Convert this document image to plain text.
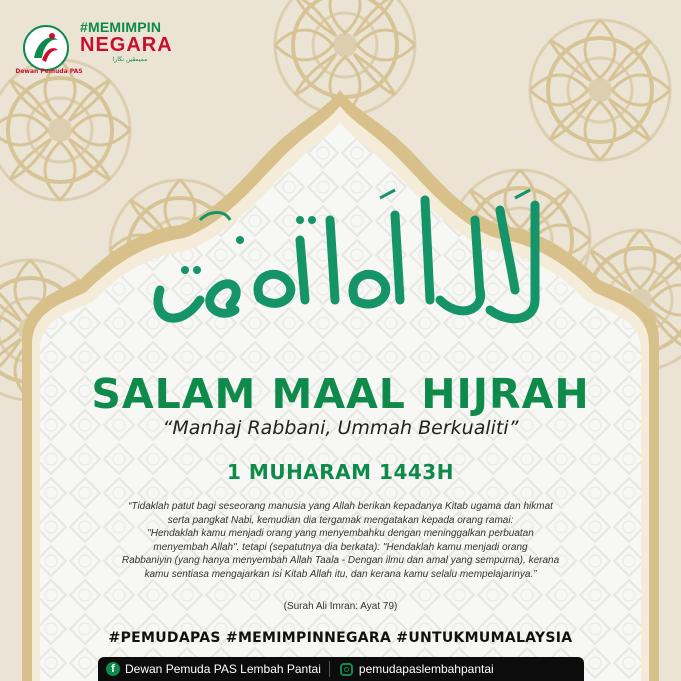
Dewan Pemuda PAS
#MEMIMPIN
NEGARA
مميمڤين نڬارا
SALAM MAAL HIJRAH
“Manhaj Rabbani, Ummah Berkualiti”
1 MUHARAM 1443H
“Tidaklah patut bagi seseorang manusia yang Allah berikan kepadanya Kitab ugama dan hikmat
serta pangkat Nabi, kemudian dia tergamak mengatakan kepada orang ramai:
"Hendaklah kamu menjadi orang yang menyembahku dengan meninggalkan perbuatan
menyembah Allah". tetapi (sepatutnya dia berkata): "Hendaklah kamu menjadi orang
Rabbaniyin (yang hanya menyembah Allah Taala - Dengan ilmu dan amal yang sempurna), kerana
kamu sentiasa mengajarkan isi Kitab Allah itu, dan kerana kamu selalu mempelajarinya.”
(Surah Ali Imran: Ayat 79)
#PEMUDAPAS #MEMIMPINNEGARA #UNTUKMUMALAYSIA
f Dewan Pemuda PAS Lembah Pantai	pemudapaslembahpantai
